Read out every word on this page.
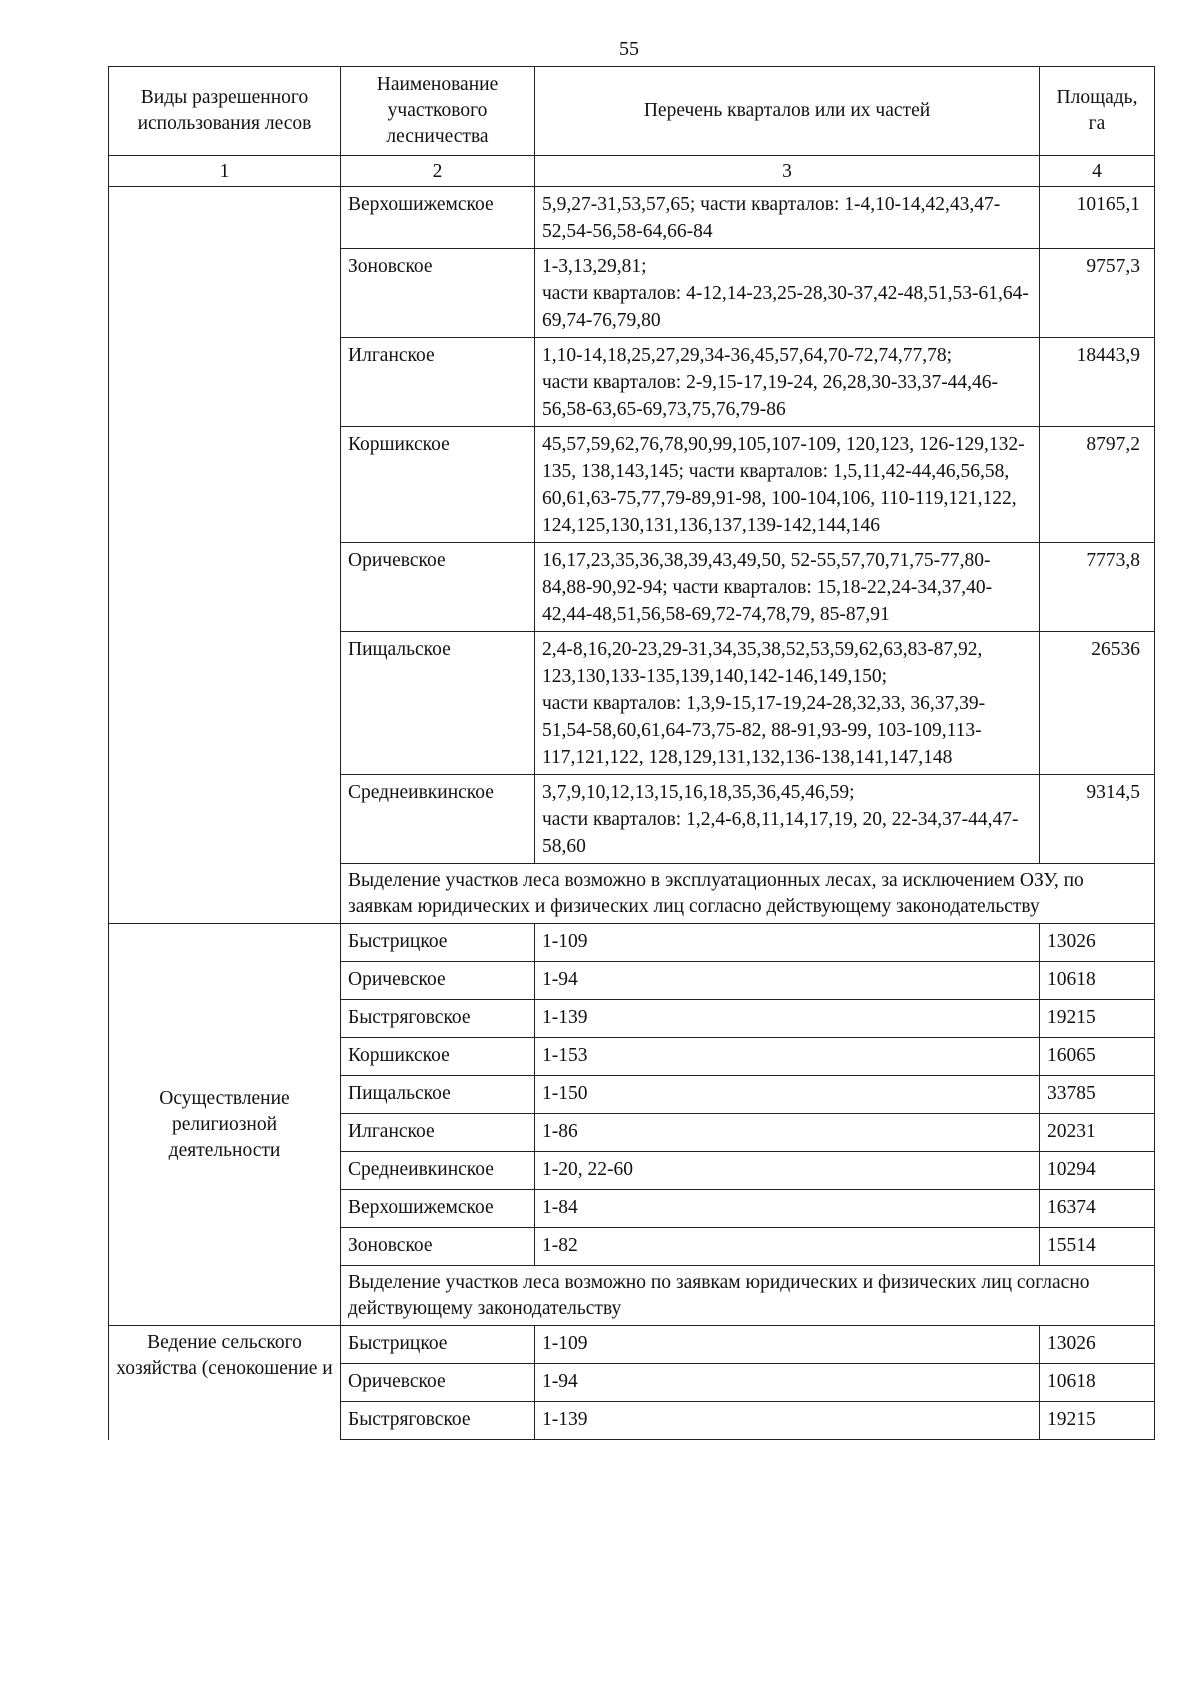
55
Виды разрешенного использования лесов	Наименование участкового лесничества	Перечень кварталов или их частей	Площадь, га
1	2	3	4
	Верхошижемское	5,9,27-31,53,57,65; части кварталов: 1-4,10-14,42,43,47-52,54-56,58-64,66-84	10165,1
	Зоновское	1-3,13,29,81;
части кварталов: 4-12,14-23,25-28,30-37,42-48,51,53-61,64-69,74-76,79,80	9757,3
	Илганское	1,10-14,18,25,27,29,34-36,45,57,64,70-72,74,77,78;
части кварталов: 2-9,15-17,19-24, 26,28,30-33,37-44,46-56,58-63,65-69,73,75,76,79-86	18443,9
	Коршикское	45,57,59,62,76,78,90,99,105,107-109, 120,123, 126-129,132-135, 138,143,145; части кварталов: 1,5,11,42-44,46,56,58, 60,61,63-75,77,79-89,91-98, 100-104,106, 110-119,121,122, 124,125,130,131,136,137,139-142,144,146	8797,2
	Оричевское	16,17,23,35,36,38,39,43,49,50, 52-55,57,70,71,75-77,80-84,88-90,92-94; части кварталов: 15,18-22,24-34,37,40-42,44-48,51,56,58-69,72-74,78,79, 85-87,91	7773,8
	Пищальское	2,4-8,16,20-23,29-31,34,35,38,52,53,59,62,63,83-87,92, 123,130,133-135,139,140,142-146,149,150;
части кварталов: 1,3,9-15,17-19,24-28,32,33, 36,37,39-51,54-58,60,61,64-73,75-82, 88-91,93-99, 103-109,113-117,121,122, 128,129,131,132,136-138,141,147,148	26536
	Среднеивкинское	3,7,9,10,12,13,15,16,18,35,36,45,46,59;
части кварталов: 1,2,4-6,8,11,14,17,19, 20, 22-34,37-44,47-58,60	9314,5
	Выделение участков леса возможно в эксплуатационных лесах, за исключением ОЗУ, по заявкам юридических и физических лиц согласно действующему законодательству		
Осуществление религиозной деятельности	Быстрицкое	1-109	13026
	Оричевское	1-94	10618
	Быстряговское	1-139	19215
	Коршикское	1-153	16065
	Пищальское	1-150	33785
	Илганское	1-86	20231
	Среднеивкинское	1-20, 22-60	10294
	Верхошижемское	1-84	16374
	Зоновское	1-82	15514
	Выделение участков леса возможно по заявкам юридических и физических лиц согласно действующему законодательству		
Ведение сельского хозяйства (сенокошение и	Быстрицкое	1-109	13026
	Оричевское	1-94	10618
	Быстряговское	1-139	19215
